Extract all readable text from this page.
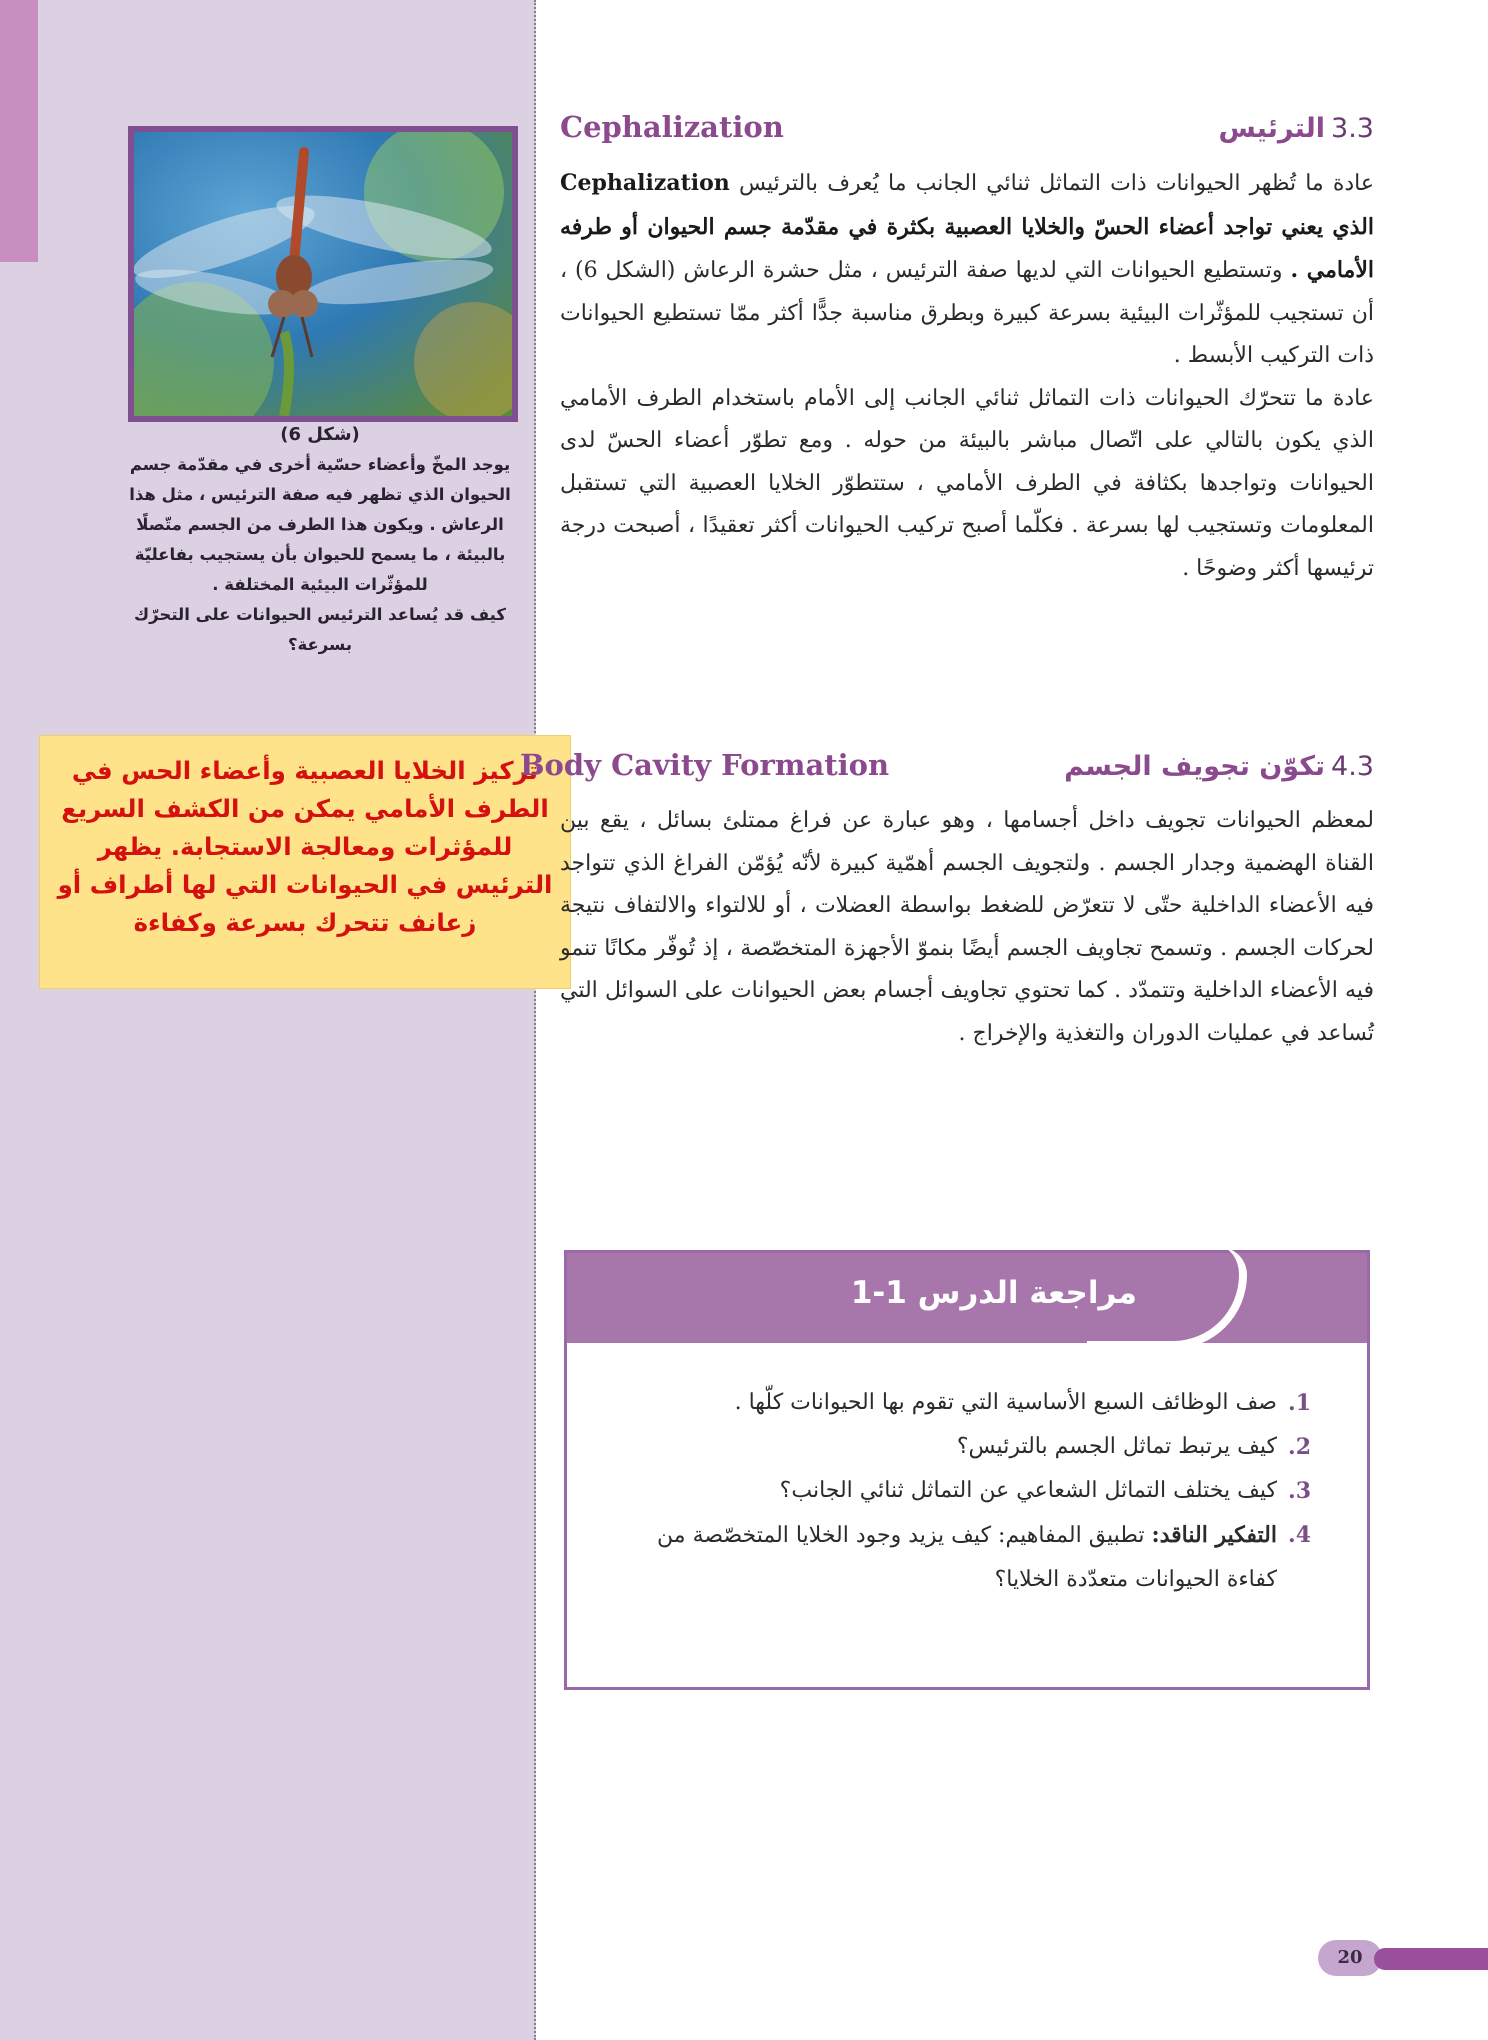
(شكل 6)

يوجد المخّ وأعضاء حسّية أخرى في مقدّمة جسم

الحيوان الذي تظهر فيه صفة الترئيس ، مثل هذا

الرعاش . ويكون هذا الطرف من الجسم متّصلًا

بالبيئة ، ما يسمح للحيوان بأن يستجيب بفاعليّة

للمؤثّرات البيئية المختلفة .

كيف قد يُساعد الترئيس الحيوانات على التحرّك

بسرعة؟

تركيز الخلايا العصبية وأعضاء الحس في الطرف الأمامي يمكن من الكشف السريع للمؤثرات ومعالجة الاستجابة. يظهر الترئيس في الحيوانات التي لها أطراف أو زعانف تتحرك بسرعة وكفاءة
3.3الترئيس
Cephalization

عادة ما تُظهر الحيوانات ذات التماثل ثنائي الجانب ما يُعرف بالترئيس Cephalization الذي يعني تواجد أعضاء الحسّ والخلايا العصبية بكثرة في مقدّمة جسم الحيوان أو طرفه الأمامي . وتستطيع الحيوانات التي لديها صفة الترئيس ، مثل حشرة الرعاش (الشكل 6) ، أن تستجيب للمؤثّرات البيئية بسرعة كبيرة وبطرق مناسبة جدًّا أكثر ممّا تستطيع الحيوانات ذات التركيب الأبسط .

عادة ما تتحرّك الحيوانات ذات التماثل ثنائي الجانب إلى الأمام باستخدام الطرف الأمامي الذي يكون بالتالي على اتّصال مباشر بالبيئة من حوله . ومع تطوّر أعضاء الحسّ لدى الحيوانات وتواجدها بكثافة في الطرف الأمامي ، ستتطوّر الخلايا العصبية التي تستقبل المعلومات وتستجيب لها بسرعة . فكلّما أصبح تركيب الحيوانات أكثر تعقيدًا ، أصبحت درجة ترئيسها أكثر وضوحًا .

4.3تكوّن تجويف الجسم
Body Cavity Formation

لمعظم الحيوانات تجويف داخل أجسامها ، وهو عبارة عن فراغ ممتلئ بسائل ، يقع بين القناة الهضمية وجدار الجسم . ولتجويف الجسم أهمّية كبيرة لأنّه يُؤمّن الفراغ الذي تتواجد فيه الأعضاء الداخلية حتّى لا تتعرّض للضغط بواسطة العضلات ، أو للالتواء والالتفاف نتيجة لحركات الجسم . وتسمح تجاويف الجسم أيضًا بنموّ الأجهزة المتخصّصة ، إذ تُوفّر مكانًا تنمو فيه الأعضاء الداخلية وتتمدّد . كما تحتوي تجاويف أجسام بعض الحيوانات على السوائل التي تُساعد في عمليات الدوران والتغذية والإخراج .

مراجعة الدرس 1-1
1.
صف الوظائف السبع الأساسية التي تقوم بها الحيوانات كلّها .
2.
كيف يرتبط تماثل الجسم بالترئيس؟
3.
كيف يختلف التماثل الشعاعي عن التماثل ثنائي الجانب؟
4.
التفكير الناقد: تطبيق المفاهيم: كيف يزيد وجود الخلايا المتخصّصة من كفاءة الحيوانات متعدّدة الخلايا؟
20
